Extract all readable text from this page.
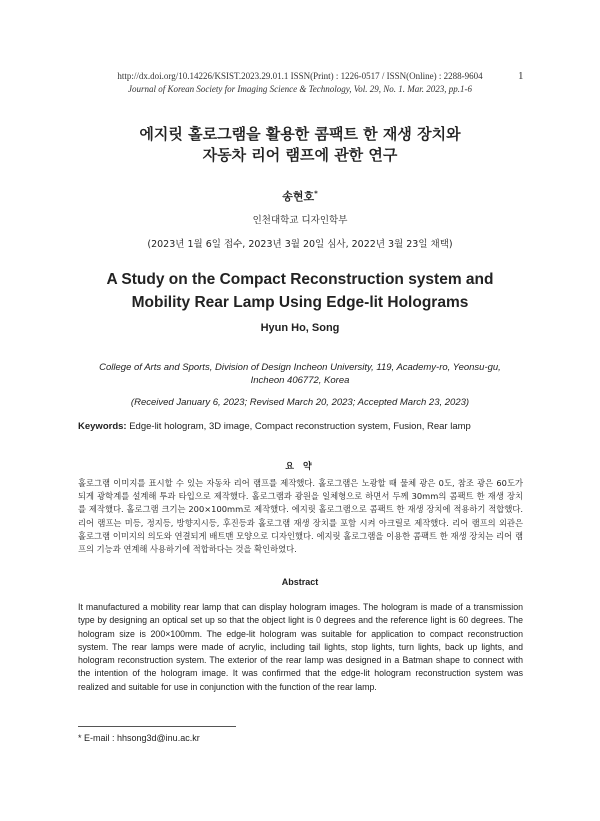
http://dx.doi.org/10.14226/KSIST.2023.29.01.1 ISSN(Print) : 1226-0517 / ISSN(Online) : 2288-9604
Journal of Korean Society for Imaging Science & Technology, Vol. 29, No. 1. Mar. 2023, pp.1-6
1
에지릿 홀로그램을 활용한 콤팩트 한 재생 장치와
자동차 리어 램프에 관한 연구
송현호*
인천대학교 디자인학부
(2023년 1월 6일 접수, 2023년 3월 20일 심사, 2022년 3월 23일 채택)
A Study on the Compact Reconstruction system and
Mobility Rear Lamp Using Edge-lit Holograms
Hyun Ho, Song
College of Arts and Sports, Division of Design Incheon University, 119, Academy-ro, Yeonsu-gu,
Incheon 406772, Korea
(Received January 6, 2023; Revised March 20, 2023; Accepted March 23, 2023)
Keywords: Edge-lit hologram, 3D image, Compact reconstruction system, Fusion, Rear lamp
요 약
홀로그램 이미지를 표시할 수 있는 자동차 리어 램프를 제작했다. 홀로그램은 노광할 때 물체 광은 0도, 참조 광은 60도가 되게 광학계를 설계해 투과 타입으로 제작했다. 홀로그램과 광원을 일체형으로 하면서 두께 30mm의 콤팩트 한 재생 장치를 제작했다. 홀로그램 크기는 200×100mm로 제작했다. 에지릿 홀로그램으로 콤팩트 한 재생 장치에 적용하기 적합했다. 리어 램프는 미등, 정지등, 방향지시등, 후진등과 홀로그램 재생 장치를 포함 시켜 아크릴로 제작했다. 리어 램프의 외관은 홀로그램 이미지의 의도와 연결되게 배트맨 모양으로 디자인했다. 에지릿 홀로그램을 이용한 콤팩트 한 재생 장치는 리어 램프의 기능과 연계해 사용하기에 적합하다는 것을 확인하였다.
Abstract
It manufactured a mobility rear lamp that can display hologram images. The hologram is made of a transmission type by designing an optical set up so that the object light is 0 degrees and the reference light is 60 degrees. The hologram size is 200×100mm. The edge-lit hologram was suitable for application to compact reconstruction system. The rear lamps were made of acrylic, including tail lights, stop lights, turn lights, back up lights, and hologram reconstruction system. The exterior of the rear lamp was designed in a Batman shape to connect with the intention of the hologram image. It was confirmed that the edge-lit hologram reconstruction system was realized and suitable for use in conjunction with the function of the rear lamp.
* E-mail : hhsong3d@inu.ac.kr
